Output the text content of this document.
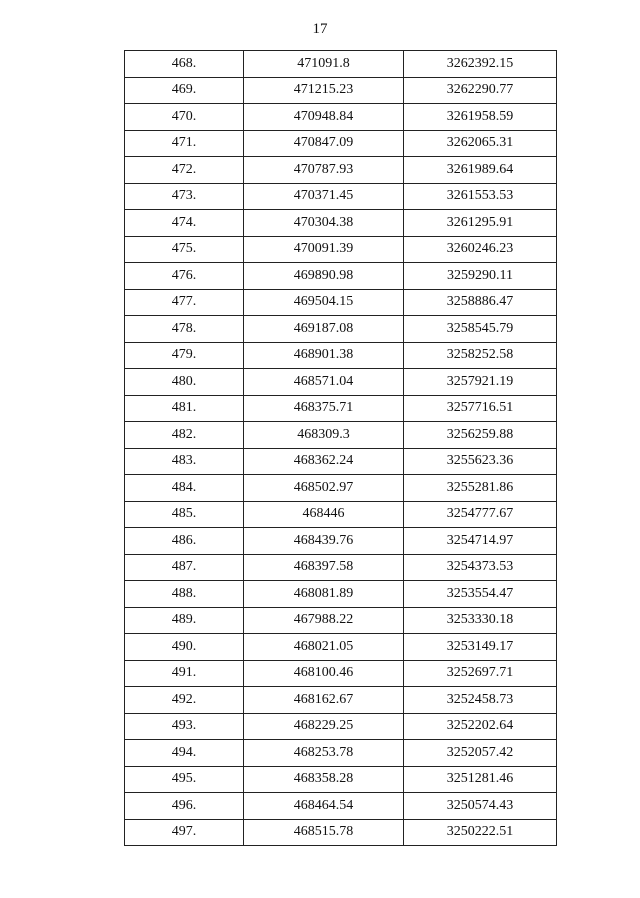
17
468.	471091.8	3262392.15
469.	471215.23	3262290.77
470.	470948.84	3261958.59
471.	470847.09	3262065.31
472.	470787.93	3261989.64
473.	470371.45	3261553.53
474.	470304.38	3261295.91
475.	470091.39	3260246.23
476.	469890.98	3259290.11
477.	469504.15	3258886.47
478.	469187.08	3258545.79
479.	468901.38	3258252.58
480.	468571.04	3257921.19
481.	468375.71	3257716.51
482.	468309.3	3256259.88
483.	468362.24	3255623.36
484.	468502.97	3255281.86
485.	468446	3254777.67
486.	468439.76	3254714.97
487.	468397.58	3254373.53
488.	468081.89	3253554.47
489.	467988.22	3253330.18
490.	468021.05	3253149.17
491.	468100.46	3252697.71
492.	468162.67	3252458.73
493.	468229.25	3252202.64
494.	468253.78	3252057.42
495.	468358.28	3251281.46
496.	468464.54	3250574.43
497.	468515.78	3250222.51
